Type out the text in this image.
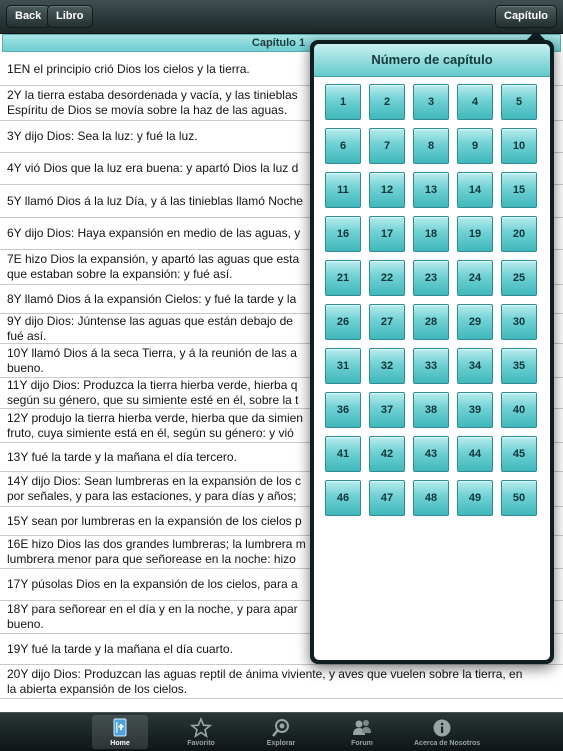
Back	Libro	Capítulo
Capítulo 1
1EN el principio crió Dios los cielos y la tierra.
2Y la tierra estaba desordenada y vacía, y las tinieblas
Espíritu de Dios se movía sobre la haz de las aguas.
3Y dijo Dios: Sea la luz: y fué la luz.
4Y vió Dios que la luz era buena: y apartó Dios la luz d
5Y llamó Dios á la luz Día, y á las tinieblas llamó Noche
6Y dijo Dios: Haya expansión en medio de las aguas, y
7E hizo Dios la expansión, y apartó las aguas que esta
que estaban sobre la expansión: y fué así.
8Y llamó Dios á la expansión Cielos: y fué la tarde y la
9Y dijo Dios: Júntense las aguas que están debajo de
fué así.
10Y llamó Dios á la seca Tierra, y á la reunión de las a
bueno.
11Y dijo Dios: Produzca la tierra hierba verde, hierba q
según su género, que su simiente esté en él, sobre la t
12Y produjo la tierra hierba verde, hierba que da simien
fruto, cuya simiente está en él, según su género: y vió
13Y fué la tarde y la mañana el día tercero.
14Y dijo Dios: Sean lumbreras en la expansión de los c
por señales, y para las estaciones, y para días y años;
15Y sean por lumbreras en la expansión de los cielos p
16E hizo Dios las dos grandes lumbreras; la lumbrera m
lumbrera menor para que señorease en la noche: hizo
17Y púsolas Dios en la expansión de los cielos, para a
18Y para señorear en el día y en la noche, y para apar
bueno.
19Y fué la tarde y la mañana el día cuarto.
20Y dijo Dios: Produzcan las aguas reptil de ánima viviente, y aves que vuelen sobre la tierra, en
la abierta expansión de los cielos.
Número de capítulo
1	2	3	4	5
6	7	8	9	10
11	12	13	14	15
16	17	18	19	20
21	22	23	24	25
26	27	28	29	30
31	32	33	34	35
36	37	38	39	40
41	42	43	44	45
46	47	48	49	50
Home	Favorito	Explorar	Forum	Acerca de Nosotros
